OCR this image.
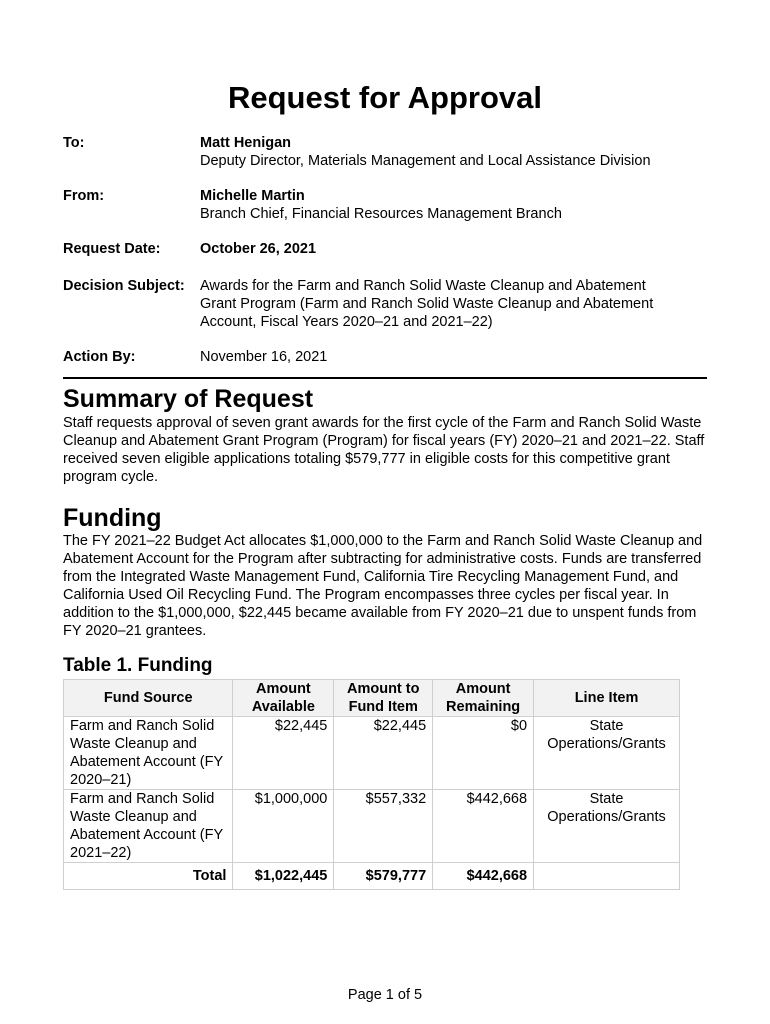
Request for Approval
To:	Matt Henigan
Deputy Director, Materials Management and Local Assistance Division
From:	Michelle Martin
Branch Chief, Financial Resources Management Branch
Request Date:	October 26, 2021
Decision Subject: Awards for the Farm and Ranch Solid Waste Cleanup and Abatement Grant Program (Farm and Ranch Solid Waste Cleanup and Abatement Account, Fiscal Years 2020–21 and 2021–22)
Action By:	November 16, 2021
Summary of Request

Staff requests approval of seven grant awards for the first cycle of the Farm and Ranch Solid Waste Cleanup and Abatement Grant Program (Program) for fiscal years (FY) 2020–21 and 2021–22. Staff received seven eligible applications totaling $579,777 in eligible costs for this competitive grant program cycle.

Funding

The FY 2021–22 Budget Act allocates $1,000,000 to the Farm and Ranch Solid Waste Cleanup and Abatement Account for the Program after subtracting for administrative costs. Funds are transferred from the Integrated Waste Management Fund, California Tire Recycling Management Fund, and California Used Oil Recycling Fund. The Program encompasses three cycles per fiscal year. In addition to the $1,000,000, $22,445 became available from FY 2020–21 due to unspent funds from FY 2020–21 grantees.

Table 1. Funding
Fund Source	Amount Available	Amount to Fund Item	Amount Remaining	Line Item
Farm and Ranch Solid Waste Cleanup and Abatement Account (FY 2020–21)	$22,445	$22,445	$0	State Operations/Grants
Farm and Ranch Solid Waste Cleanup and Abatement Account (FY 2021–22)	$1,000,000	$557,332	$442,668	State Operations/Grants
Total	$1,022,445	$579,777	$442,668	
Page 1 of 5
